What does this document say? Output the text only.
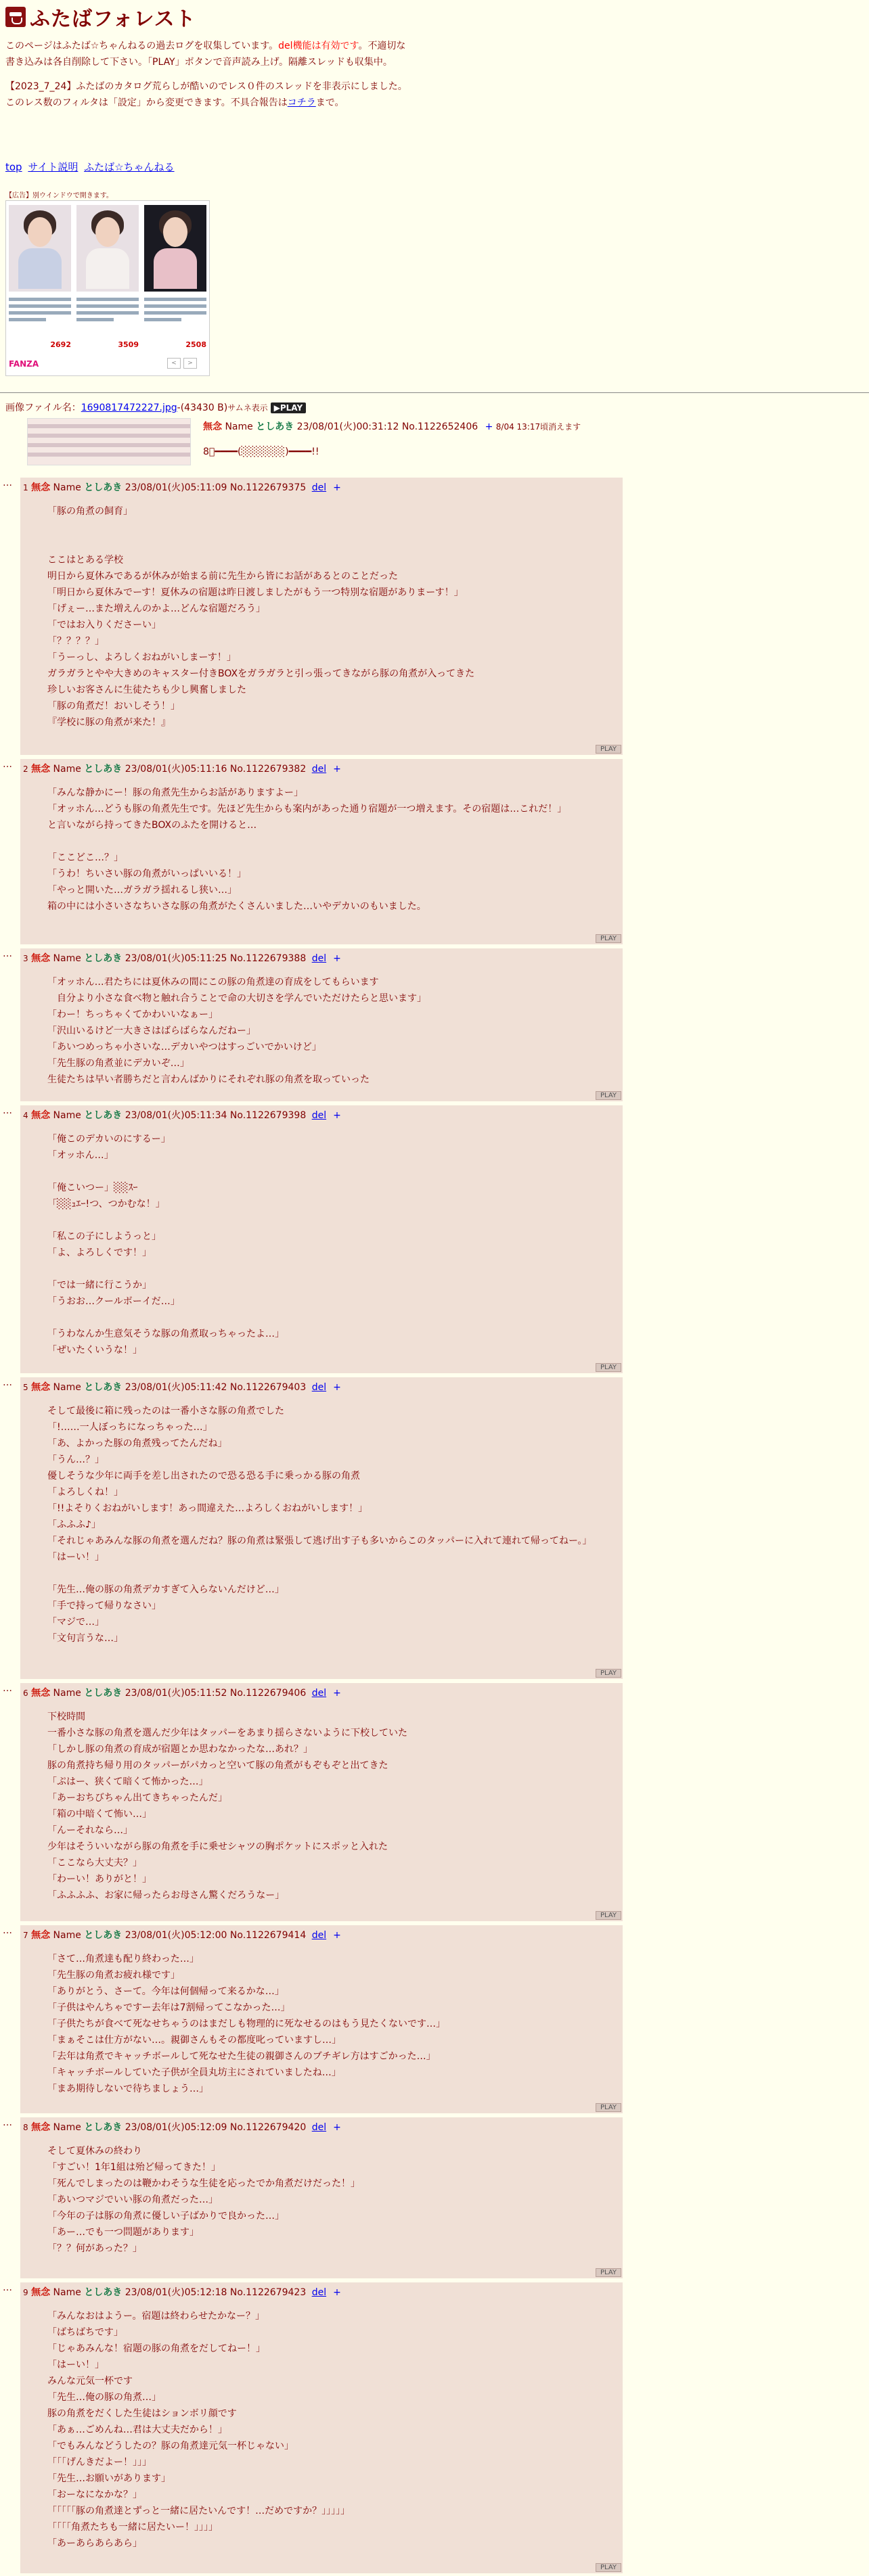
ふたばフォレスト

このページはふたば☆ちゃんねるの過去ログを収集しています。del機能は有効です。不適切な書き込みは各自削除して下さい。「PLAY」ボタンで音声読み上げ。隔離スレッドも収集中。

【2023_7_24】ふたばのカタログ荒らしが酷いのでレス０件のスレッドを非表示にしました。このレス数のフィルタは「設定」から変更できます。不具合報告はコチラまで。

top サイト説明 ふたば☆ちゃんねる
【広告】別ウインドウで開きます。
2692	3509	2508
FANZA	<	>
画像ファイル名：1690817472227.jpg-(43430 B)サムネ表示 ▶PLAY
無念 Name としあき 23/08/01(火)00:31:12 No.1122652406 + 8/04 13:17頃消えます
8ﾟ━━━━(░░░░░░)━━━━!!
…	1 無念 Name としあき 23/08/01(火)05:11:09 No.1122679375 del +
「豚の角煮の飼育」
ここはとある学校
明日から夏休みであるが休みが始まる前に先生から皆にお話があるとのことだった
「明日から夏休みでーす！夏休みの宿題は昨日渡しましたがもう一つ特別な宿題がありまーす！」
「げぇー…また増えんのかよ…どんな宿題だろう」
「ではお入りくださーい」
「？？？？」
「うーっし、よろしくおねがいしまーす！」
ガラガラとやや大きめのキャスター付きBOXをガラガラと引っ張ってきながら豚の角煮が入ってきた
珍しいお客さんに生徒たちも少し興奮しました
「豚の角煮だ！おいしそう！」
『学校に豚の角煮が来た！』
PLAY
…	2 無念 Name としあき 23/08/01(火)05:11:16 No.1122679382 del +
「みんな静かにー！豚の角煮先生からお話がありますよー」
「オッホん…どうも豚の角煮先生です。先ほど先生からも案内があった通り宿題が一つ増えます。その宿題は…これだ！」
と言いながら持ってきたBOXのふたを開けると…
「ここどこ…？」
「うわ！ちいさい豚の角煮がいっぱいいる！」
「やっと開いた…ガラガラ揺れるし狭い…」
箱の中には小さいさなちいさな豚の角煮がたくさんいました…いやデカいのもいました。
PLAY
…	3 無念 Name としあき 23/08/01(火)05:11:25 No.1122679388 del +
「オッホん…君たちには夏休みの間にこの豚の角煮達の育成をしてもらいます
　自分より小さな食べ物と触れ合うことで命の大切さを学んでいただけたらと思います」
「わー！ちっちゃくてかわいいなぁー」
「沢山いるけど一大きさはばらばらなんだねー」
「あいつめっちゃ小さいな…デカいやつはすっごいでかいけど」
「先生豚の角煮並にデカいぞ…」
生徒たちは早い者勝ちだと言わんばかりにそれぞれ豚の角煮を取っていった
PLAY
…	4 無念 Name としあき 23/08/01(火)05:11:34 No.1122679398 del +
「俺このデカいのにするー」
「オッホん…」
「俺こいつー」░░ｽｰ
「░░ｭｴｰ!つ、つかむな！」
「私この子にしようっと」
「よ、よろしくです！」
「では一緒に行こうか」
「うおお…クールボーイだ…」
「うわなんか生意気そうな豚の角煮取っちゃったよ…」
「ぜいたくいうな！」
PLAY
…	5 無念 Name としあき 23/08/01(火)05:11:42 No.1122679403 del +
そして最後に箱に残ったのは一番小さな豚の角煮でした
「!……一人ぼっちになっちゃった…」
「あ、よかった豚の角煮残ってたんだね」
「うん…？」
優しそうな少年に両手を差し出されたので恐る恐る手に乗っかる豚の角煮
「よろしくね！」
「!!よそりくおねがいします！あっ間違えた…よろしくおねがいします！」
「ふふふ♪」
「それじゃあみんな豚の角煮を選んだね？豚の角煮は緊張して逃げ出す子も多いからこのタッパーに入れて連れて帰ってねー。」
「はーい！」
「先生…俺の豚の角煮デカすぎて入らないんだけど…」
「手で持って帰りなさい」
「マジで…」
「文句言うな…」
PLAY
…	6 無念 Name としあき 23/08/01(火)05:11:52 No.1122679406 del +
下校時間
一番小さな豚の角煮を選んだ少年はタッパーをあまり揺らさないように下校していた
「しかし豚の角煮の育成が宿題とか思わなかったな…あれ？」
豚の角煮持ち帰り用のタッパーがパカっと空いて豚の角煮がもぞもぞと出てきた
「ぷはー、狭くて暗くて怖かった…」
「あーおちびちゃん出てきちゃったんだ」
「箱の中暗くて怖い…」
「んーそれなら…」
少年はそういいながら豚の角煮を手に乗せシャツの胸ポケットにスポッと入れた
「ここなら大丈夫？」
「わーい！ありがと！」
「ふふふふ、お家に帰ったらお母さん驚くだろうなー」
PLAY
…	7 無念 Name としあき 23/08/01(火)05:12:00 No.1122679414 del +
「さて…角煮達も配り終わった…」
「先生豚の角煮お疲れ様です」
「ありがとう、さーて。今年は何個帰って来るかな…」
「子供はやんちゃですー去年は7割帰ってこなかった…」
「子供たちが食べて死なせちゃうのはまだしも物理的に死なせるのはもう見たくないです…」
「まぁそこは仕方がない…。親御さんもその都度叱っていますし…」
「去年は角煮でキャッチボールして死なせた生徒の親御さんのブチギレ方はすごかった…」
「キャッチボールしていた子供が全員丸坊主にされていましたね…」
「まあ期待しないで待ちましょう…」
PLAY
…	8 無念 Name としあき 23/08/01(火)05:12:09 No.1122679420 del +
そして夏休みの終わり
「すごい！1年1組は殆ど帰ってきた！」
「死んでしまったのは鞭かわそうな生徒を応ったでか角煮だけだった！」
「あいつマジでいい豚の角煮だった…」
「今年の子は豚の角煮に優しい子ばかりで良かった…」
「あー…でも一つ問題があります」
「？？何があった？」
PLAY
…	9 無念 Name としあき 23/08/01(火)05:12:18 No.1122679423 del +
「みんなおはようー。宿題は終わらせたかなー？」
「ばちばちです」
「じゃあみんな！宿題の豚の角煮をだしてねー！」
「はーい！」
みんな元気一杯です
「先生…俺の豚の角煮…」
豚の角煮をだくした生徒はションボリ顔です
「あぁ…ごめんね…君は大丈夫だから！」
「でもみんなどうしたの？豚の角煮達元気一杯じゃない」
「「「げんきだよー！」」」
「先生…お願いがあります」
「おーなになかな？」
「「「「「豚の角煮達とずっと一緒に居たいんです！…だめですか？」」」」」
「「「「角煮たちも一緒に居たいー！」」」」
「あーあらあらあら」
PLAY
